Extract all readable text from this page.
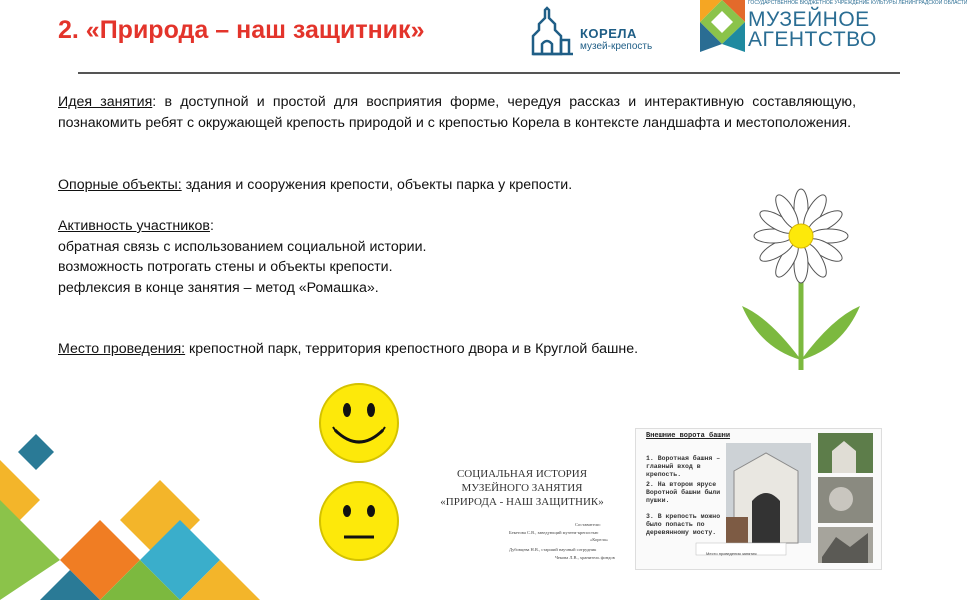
2. «Природа – наш защитник»	КОРЕЛА
музей-крепость
ГОСУДАРСТВЕННОЕ БЮДЖЕТНОЕ УЧРЕЖДЕНИЕ КУЛЬТУРЫ ЛЕНИНГРАДСКОЙ ОБЛАСТИ
МУЗЕЙНОЕ
АГЕНТСТВО
Идея занятия: в доступной и простой для восприятия форме, чередуя рассказ и интерактивную составляющую, познакомить ребят с окружающей крепость природой и с крепостью Корела в контексте ландшафта и местоположения.
Опорные объекты: здания и сооружения крепости, объекты парка у крепости.
Активность участников:
обратная связь с использованием социальной истории.
возможность потрогать стены и объекты крепости.
рефлексия в конце занятия – метод «Ромашка».
Место проведения: крепостной парк, территория крепостного двора и в Круглой башне.
СОЦИАЛЬНАЯ ИСТОРИЯ
МУЗЕЙНОГО ЗАНЯТИЯ
«ПРИРОДА - НАШ ЗАЩИТНИК»
Составители:
Бекетова С.В., заведующий музеем-крепостью
«Корела»
Дубовцева Н.В., старший научный сотрудник
Чекова Л.В., хранитель фондов
Внешние ворота башни
1. Воротная башня – главный вход в крепость.
2. На втором ярусе Воротной башни были пушки.
3. В крепость можно было попасть по деревянному мосту.
Место проведения занятия
